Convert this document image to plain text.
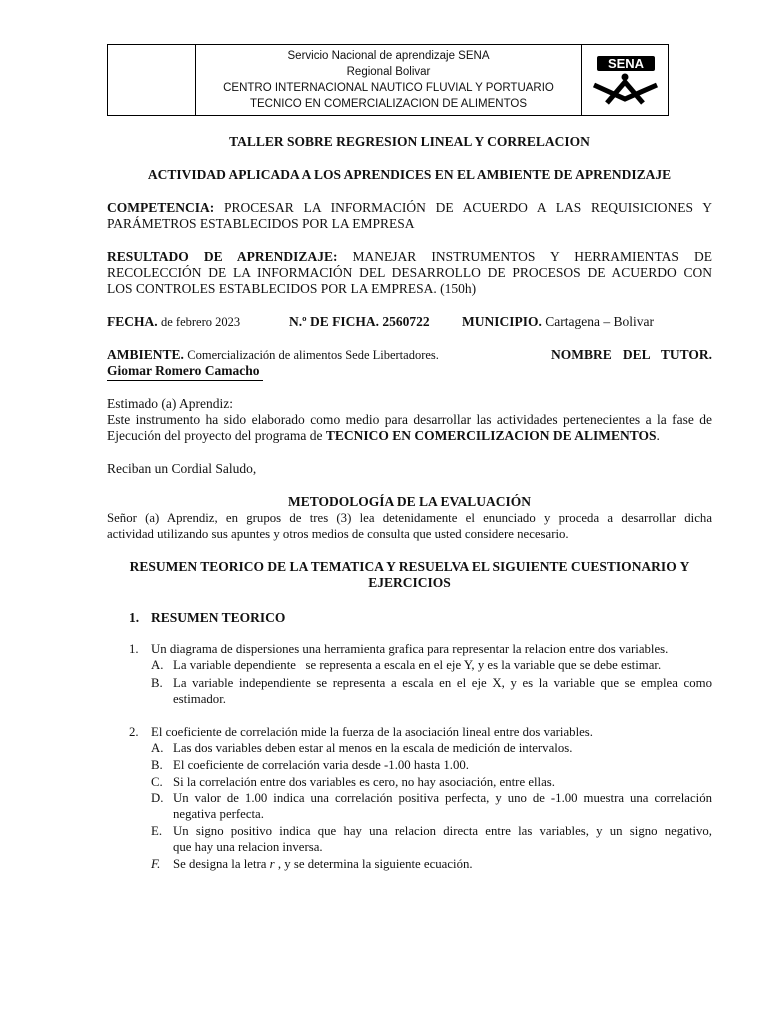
Servicio Nacional de aprendizaje SENA
Regional Bolivar
CENTRO INTERNACIONAL NAUTICO FLUVIAL Y PORTUARIO
TECNICO EN COMERCIALIZACION DE ALIMENTOS
SENA
TALLER SOBRE REGRESION LINEAL Y CORRELACION
ACTIVIDAD APLICADA A LOS APRENDICES EN EL AMBIENTE DE APRENDIZAJE
COMPETENCIA: PROCESAR LA INFORMACIÓN DE ACUERDO A LAS REQUISICIONES Y
PARÁMETROS ESTABLECIDOS POR LA EMPRESA
RESULTADO DE APRENDIZAJE: MANEJAR INSTRUMENTOS Y HERRAMIENTAS DE
RECOLECCIÓN DE LA INFORMACIÓN DEL DESARROLLO DE PROCESOS DE ACUERDO CON
LOS CONTROLES ESTABLECIDOS POR LA EMPRESA. (150h)
FECHA. de febrero 2023	N.º DE FICHA. 2560722 MUNICIPIO. Cartagena – Bolivar
AMBIENTE. Comercialización de alimentos Sede Libertadores.	NOMBRE DEL TUTOR.
Giomar Romero Camacho
Estimado (a) Aprendiz:
Este instrumento ha sido elaborado como medio para desarrollar las actividades pertenecientes a la fase de
Ejecución del proyecto del programa de TECNICO EN COMERCILIZACION DE ALIMENTOS.
Reciban un Cordial Saludo,
METODOLOGÍA DE LA EVALUACIÓN
Señor (a) Aprendiz, en grupos de tres (3) lea detenidamente el enunciado y proceda a desarrollar dicha
actividad utilizando sus apuntes y otros medios de consulta que usted considere necesario.
RESUMEN TEORICO DE LA TEMATICA Y RESUELVA EL SIGUIENTE CUESTIONARIO Y
EJERCICIOS
1. RESUMEN TEORICO
1. Un diagrama de dispersiones una herramienta grafica para representar la relacion entre dos variables.
A. La variable dependiente   se representa a escala en el eje Y, y es la variable que se debe estimar.
B. La variable independiente se representa a escala en el eje X, y es la variable que se emplea como
estimador.
2. El coeficiente de correlación mide la fuerza de la asociación lineal entre dos variables.
A. Las dos variables deben estar al menos en la escala de medición de intervalos.
B. El coeficiente de correlación varia desde -1.00 hasta 1.00.
C. Si la correlación entre dos variables es cero, no hay asociación, entre ellas.
D. Un valor de 1.00 indica una correlación positiva perfecta, y uno de -1.00 muestra una correlación
negativa perfecta.
E. Un signo positivo indica que hay una relacion directa entre las variables, y un signo negativo,
que hay una relacion inversa.
F. Se designa la letra r , y se determina la siguiente ecuación.
